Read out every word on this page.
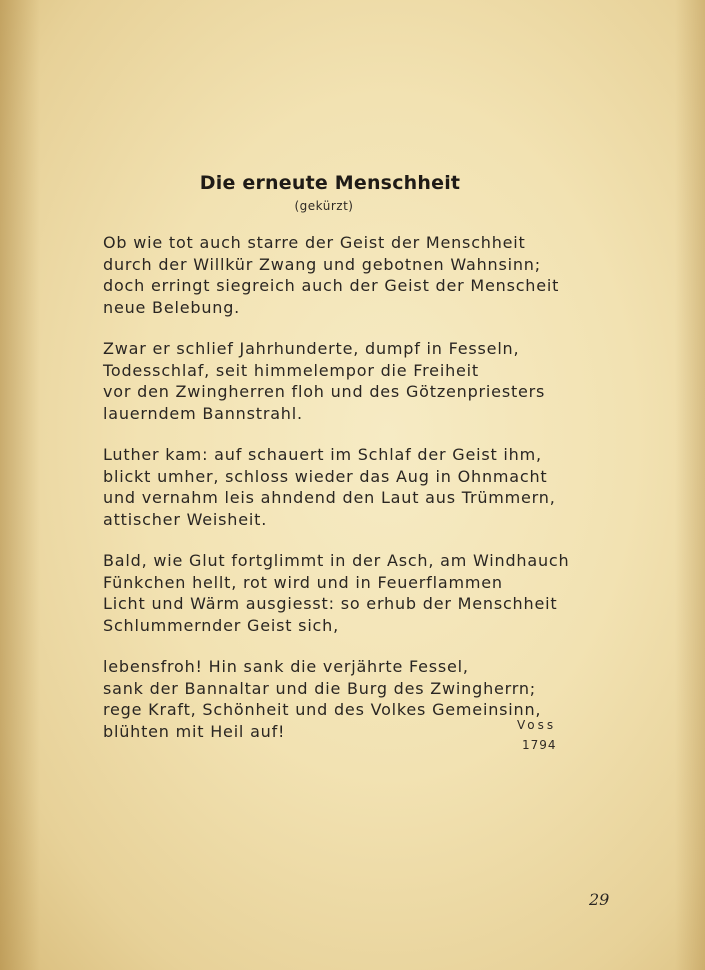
Die erneute Menschheit
(gekürzt)
Ob wie tot auch starre der Geist der Menschheit
durch der Willkür Zwang und gebotnen Wahnsinn;
doch erringt siegreich auch der Geist der Menscheit
neue Belebung.
Zwar er schlief Jahrhunderte, dumpf in Fesseln,
Todesschlaf, seit himmelempor die Freiheit
vor den Zwingherren floh und des Götzenpriesters
lauerndem Bannstrahl.
Luther kam: auf schauert im Schlaf der Geist ihm,
blickt umher, schloss wieder das Aug in Ohnmacht
und vernahm leis ahndend den Laut aus Trümmern,
attischer Weisheit.
Bald, wie Glut fortglimmt in der Asch, am Windhauch
Fünkchen hellt, rot wird und in Feuerflammen
Licht und Wärm ausgiesst: so erhub der Menschheit
Schlummernder Geist sich,
lebensfroh! Hin sank die verjährte Fessel,
sank der Bannaltar und die Burg des Zwingherrn;
rege Kraft, Schönheit und des Volkes Gemeinsinn,
blühten mit Heil auf!	Voss
1794
29
